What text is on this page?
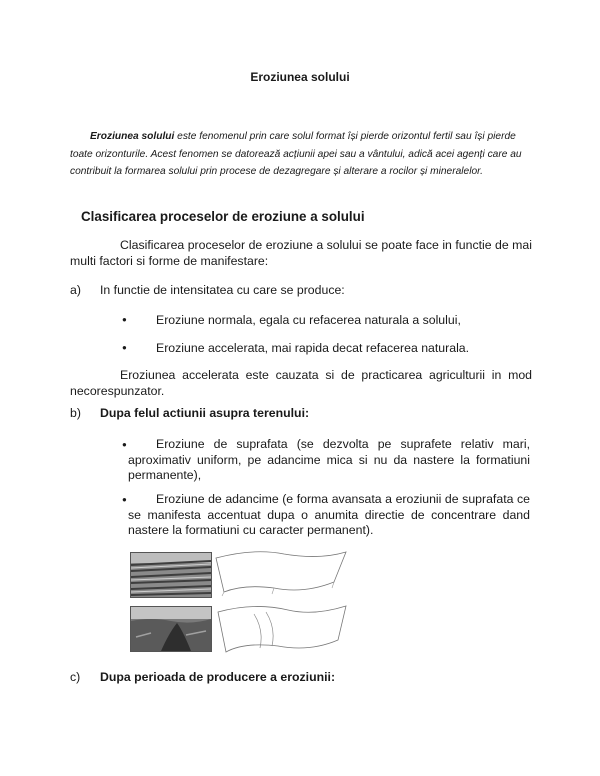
Eroziunea solului

Eroziunea solului este fenomenul prin care solul format își pierde orizontul fertil sau își pierde toate orizonturile. Acest fenomen se datorează acțiunii apei sau a vântului, adică acei agenți care au contribuit la formarea solului prin procese de dezagregare și alterare a rocilor și mineralelor.

Clasificarea proceselor de eroziune a solului

Clasificarea proceselor de eroziune a solului se poate face in functie de mai multi factori si forme de manifestare:

a) In functie de intensitatea cu care se produce:
● Eroziune normala, egala cu refacerea naturala a solului,
● Eroziune accelerata, mai rapida decat refacerea naturala.

Eroziunea accelerata este cauzata si de practicarea agriculturii in mod necorespunzator.

b) Dupa felul actiunii asupra terenului:
●	Eroziune de suprafata (se dezvolta pe suprafete relativ mari, aproximativ uniform, pe adancime mica si nu da nastere la formatiuni permanente),
●	Eroziune de adancime (e forma avansata a eroziunii de suprafata ce se manifesta accentuat dupa o anumita directie de concentrare dand nastere la formatiuni cu caracter permanent).
c) Dupa perioada de producere a eroziunii:
